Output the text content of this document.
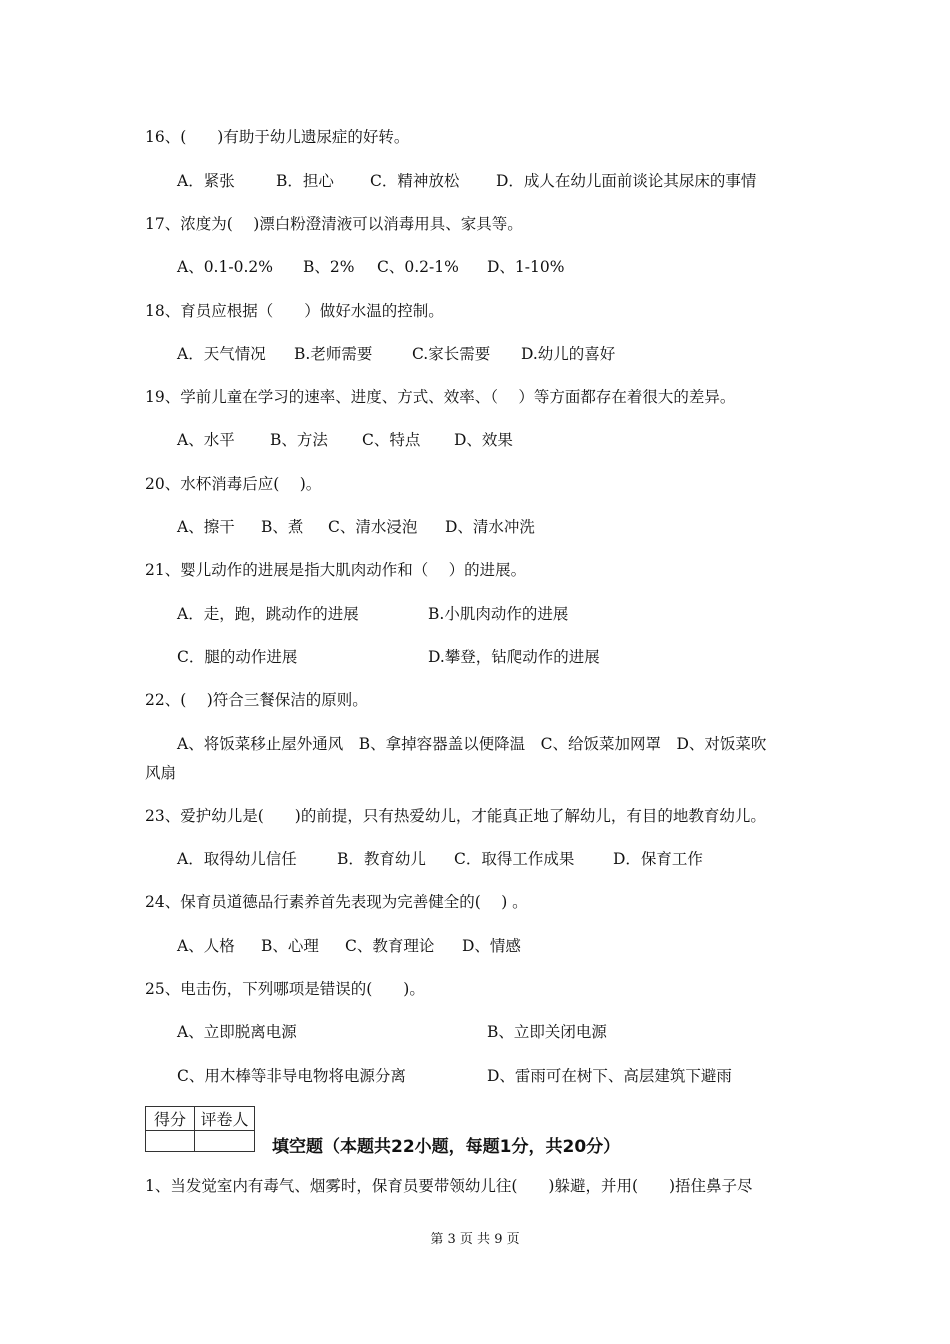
16、(　　)有助于幼儿遗尿症的好转。
A．紧张	B．担心 C．精神放松 D．成人在幼儿面前谈论其尿床的事情
17、浓度为(　 )漂白粉澄清液可以消毒用具、家具等。
A、0.1-0.2% B、2% C、0.2-1% D、1-10%
18、育员应根据（　　）做好水温的控制。
A．天气情况 B.老师需要	C.家长需要 D.幼儿的喜好
19、学前儿童在学习的速率、进度、方式、效率、（　 ）等方面都存在着很大的差异。
A、水平 B、方法 C、特点 D、效果
20、水杯消毒后应(　 )。
A、擦干 B、煮 C、清水浸泡 D、清水冲洗
21、婴儿动作的进展是指大肌肉动作和（　 ）的进展。
A．走，跑，跳动作的进展	B.小肌肉动作的进展
C．腿的动作进展	D.攀登，钻爬动作的进展
22、(　 )符合三餐保洁的原则。
A、将饭菜移止屋外通风　B、拿掉容器盖以便降温　C、给饭菜加网罩　D、对饭菜吹
风扇
23、爱护幼儿是(　　)的前提，只有热爱幼儿，才能真正地了解幼儿，有目的地教育幼儿。
A．取得幼儿信任	B．教育幼儿 C．取得工作成果 D．保育工作
24、保育员道德品行素养首先表现为完善健全的(　 ) 。
A、人格 B、心理 C、教育理论 D、情感
25、电击伤，下列哪项是错误的(　　)。
A、立即脱离电源	B、立即关闭电源
C、用木棒等非导电物将电源分离	D、雷雨可在树下、高层建筑下避雨
得分	评卷人

填空题（本题共22小题，每题1分，共20分）
1、当发觉室内有毒气、烟雾时，保育员要带领幼儿往(　　)躲避，并用(　　)捂住鼻子尽
第 3 页 共 9 页
